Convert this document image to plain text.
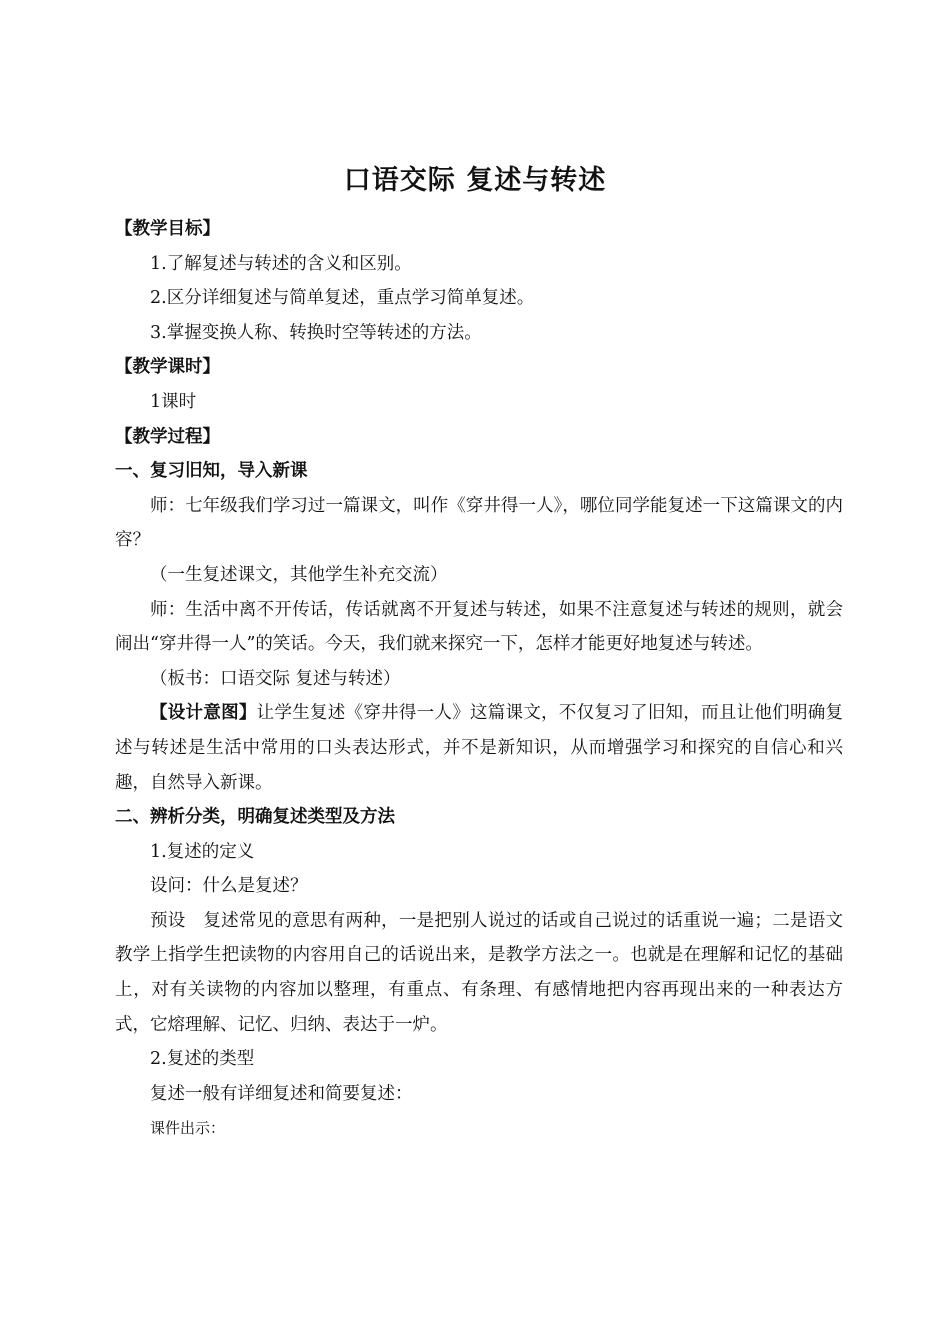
口语交际 复述与转述
【教学目标】
1.了解复述与转述的含义和区别。
2.区分详细复述与简单复述，重点学习简单复述。
3.掌握变换人称、转换时空等转述的方法。
【教学课时】
1课时
【教学过程】
一、复习旧知，导入新课
师：七年级我们学习过一篇课文，叫作《穿井得一人》，哪位同学能复述一下这篇课文的内容？
（一生复述课文，其他学生补充交流）
师：生活中离不开传话，传话就离不开复述与转述，如果不注意复述与转述的规则，就会闹出“穿井得一人”的笑话。今天，我们就来探究一下，怎样才能更好地复述与转述。
（板书：口语交际 复述与转述）
【设计意图】让学生复述《穿井得一人》这篇课文，不仅复习了旧知，而且让他们明确复述与转述是生活中常用的口头表达形式，并不是新知识，从而增强学习和探究的自信心和兴趣，自然导入新课。
二、辨析分类，明确复述类型及方法
1.复述的定义
设问：什么是复述？
预设　复述常见的意思有两种，一是把别人说过的话或自己说过的话重说一遍；二是语文教学上指学生把读物的内容用自己的话说出来，是教学方法之一。也就是在理解和记忆的基础上，对有关读物的内容加以整理，有重点、有条理、有感情地把内容再现出来的一种表达方式，它熔理解、记忆、归纳、表达于一炉。
2.复述的类型
复述一般有详细复述和简要复述：
课件出示：
